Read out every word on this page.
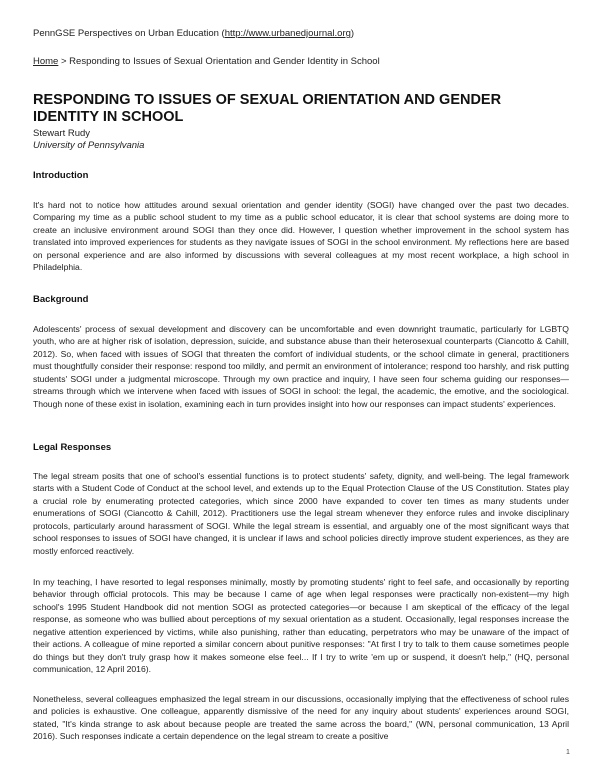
PennGSE Perspectives on Urban Education (http://www.urbanedjournal.org)
Home > Responding to Issues of Sexual Orientation and Gender Identity in School
RESPONDING TO ISSUES OF SEXUAL ORIENTATION AND GENDER IDENTITY IN SCHOOL
Stewart Rudy
University of Pennsylvania
Introduction

It's hard not to notice how attitudes around sexual orientation and gender identity (SOGI) have changed over the past two decades. Comparing my time as a public school student to my time as a public school educator, it is clear that school systems are doing more to create an inclusive environment around SOGI than they once did. However, I question whether improvement in the school system has translated into improved experiences for students as they navigate issues of SOGI in the school environment. My reflections here are based on personal experience and are also informed by discussions with several colleagues at my most recent workplace, a high school in Philadelphia.

Background

Adolescents' process of sexual development and discovery can be uncomfortable and even downright traumatic, particularly for LGBTQ youth, who are at higher risk of isolation, depression, suicide, and substance abuse than their heterosexual counterparts (Ciancotto & Cahill, 2012). So, when faced with issues of SOGI that threaten the comfort of individual students, or the school climate in general, practitioners must thoughtfully consider their response: respond too mildly, and permit an environment of intolerance; respond too harshly, and risk putting students' SOGI under a judgmental microscope. Through my own practice and inquiry, I have seen four schema guiding our responses—streams through which we intervene when faced with issues of SOGI in school: the legal, the academic, the emotive, and the sociological. Though none of these exist in isolation, examining each in turn provides insight into how our responses can impact students' experiences.

Legal Responses

The legal stream posits that one of school's essential functions is to protect students' safety, dignity, and well-being. The legal framework starts with a Student Code of Conduct at the school level, and extends up to the Equal Protection Clause of the US Constitution. States play a crucial role by enumerating protected categories, which since 2000 have expanded to cover ten times as many students under enumerations of SOGI (Ciancotto & Cahill, 2012). Practitioners use the legal stream whenever they enforce rules and invoke disciplinary protocols, particularly around harassment of SOGI. While the legal stream is essential, and arguably one of the most significant ways that school responses to issues of SOGI have changed, it is unclear if laws and school policies directly improve student experiences, as they are mostly enforced reactively.

In my teaching, I have resorted to legal responses minimally, mostly by promoting students' right to feel safe, and occasionally by reporting behavior through official protocols. This may be because I came of age when legal responses were practically non-existent—my high school's 1995 Student Handbook did not mention SOGI as protected categories—or because I am skeptical of the efficacy of the legal response, as someone who was bullied about perceptions of my sexual orientation as a student. Occasionally, legal responses increase the negative attention experienced by victims, while also punishing, rather than educating, perpetrators who may be unaware of the impact of their actions. A colleague of mine reported a similar concern about punitive responses: "At first I try to talk to them cause sometimes people do things but they don't truly grasp how it makes someone else feel... If I try to write 'em up or suspend, it doesn't help," (HQ, personal communication, 12 April 2016).

Nonetheless, several colleagues emphasized the legal stream in our discussions, occasionally implying that the effectiveness of school rules and policies is exhaustive. One colleague, apparently dismissive of the need for any inquiry about students' experiences around SOGI, stated, "It's kinda strange to ask about because people are treated the same across the board," (WN, personal communication, 13 April 2016). Such responses indicate a certain dependence on the legal stream to create a positive

1
